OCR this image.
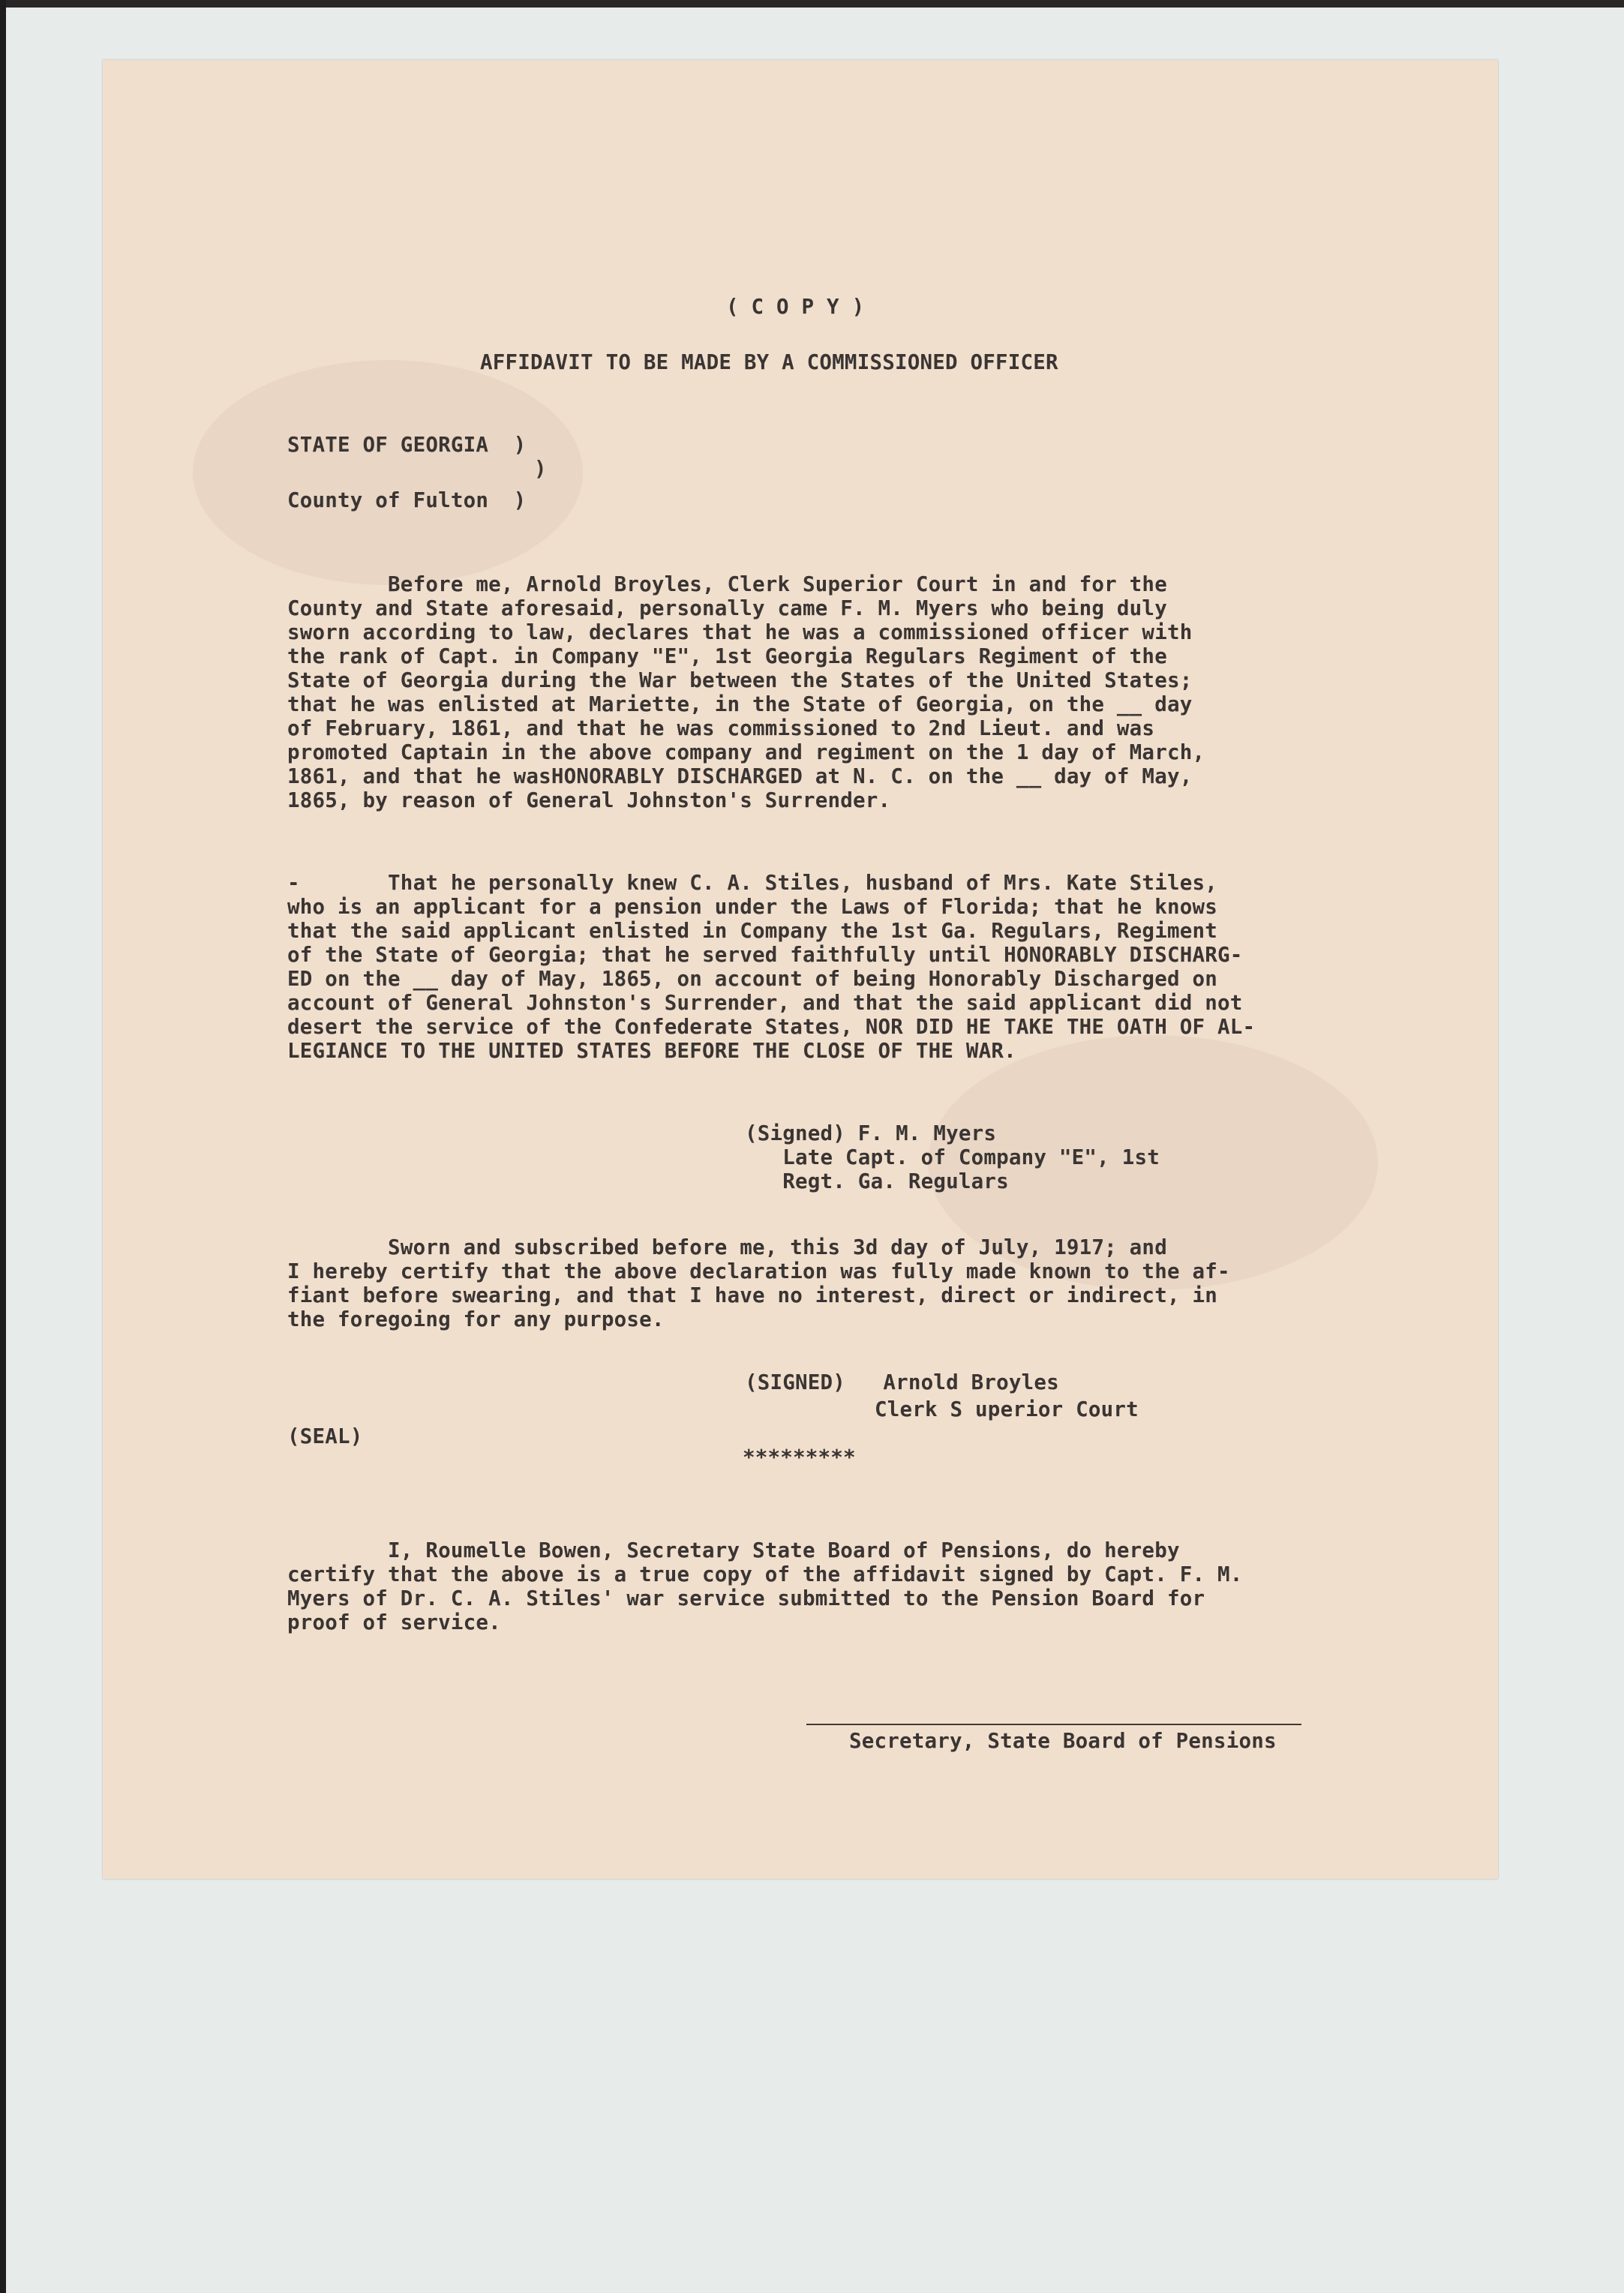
( C O P Y )
AFFIDAVIT TO BE MADE BY A COMMISSIONED OFFICER
STATE OF GEORGIA  )
)
County of Fulton  )
Before me, Arnold Broyles, Clerk Superior Court in and for the
County and State aforesaid, personally came F. M. Myers who being duly
sworn according to law, declares that he was a commissioned officer with
the rank of Capt. in Company "E", 1st Georgia Regulars Regiment of the
State of Georgia during the War between the States of the United States;
that he was enlisted at Mariette, in the State of Georgia, on the __ day
of February, 1861, and that he was commissioned to 2nd Lieut. and was
promoted Captain in the above company and regiment on the 1 day of March,
1861, and that he wasHONORABLY DISCHARGED at N. C. on the __ day of May,
1865, by reason of General Johnston's Surrender.
-       That he personally knew C. A. Stiles, husband of Mrs. Kate Stiles,
who is an applicant for a pension under the Laws of Florida; that he knows
that the said applicant enlisted in Company the 1st Ga. Regulars, Regiment
of the State of Georgia; that he served faithfully until HONORABLY DISCHARG-
ED on the __ day of May, 1865, on account of being Honorably Discharged on
account of General Johnston's Surrender, and that the said applicant did not
desert the service of the Confederate States, NOR DID HE TAKE THE OATH OF AL-
LEGIANCE TO THE UNITED STATES BEFORE THE CLOSE OF THE WAR.
(Signed) F. M. Myers
Late Capt. of Company "E", 1st
Regt. Ga. Regulars
Sworn and subscribed before me, this 3d day of July, 1917; and
I hereby certify that the above declaration was fully made known to the af-
fiant before swearing, and that I have no interest, direct or indirect, in
the foregoing for any purpose.
(SIGNED)   Arnold Broyles
Clerk S uperior Court
(SEAL)
*********
I, Roumelle Bowen, Secretary State Board of Pensions, do hereby
certify that the above is a true copy of the affidavit signed by Capt. F. M.
Myers of Dr. C. A. Stiles' war service submitted to the Pension Board for
proof of service.
Secretary, State Board of Pensions
